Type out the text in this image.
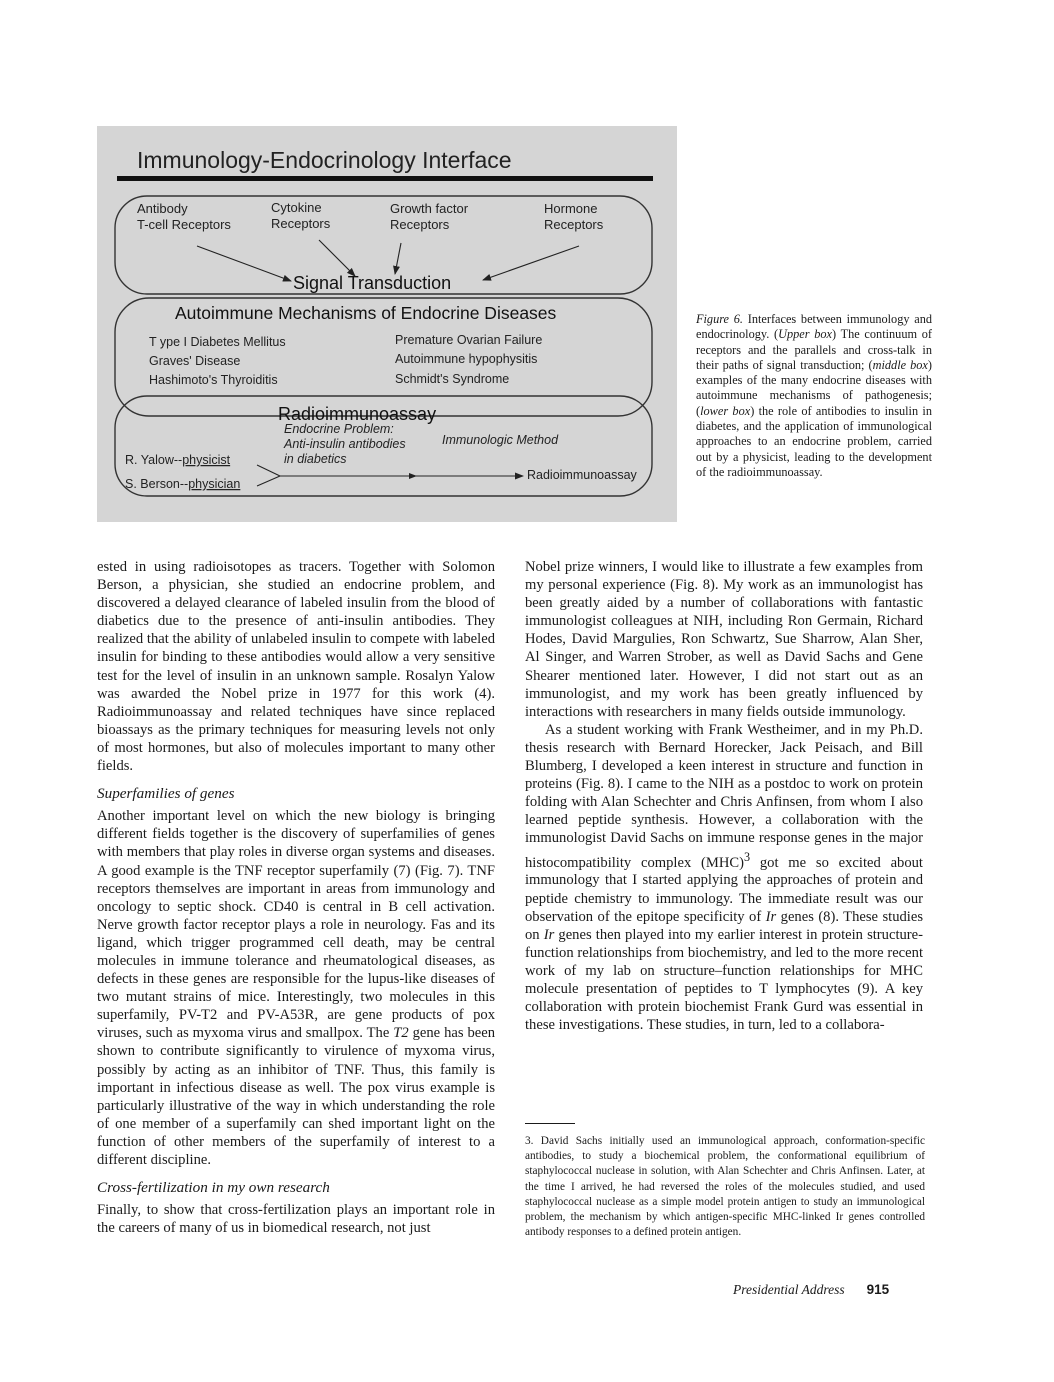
Immunology-Endocrinology Interface
Antibody
T-cell Receptors
Cytokine
Receptors
Growth factor
Receptors
Hormone
Receptors
Signal Transduction
Autoimmune Mechanisms of Endocrine Diseases
T ype I Diabetes Mellitus
Graves' Disease
Hashimoto's Thyroiditis
Premature Ovarian Failure
Autoimmune hypophysitis
Schmidt's Syndrome
Radioimmunoassay
Endocrine Problem:
Anti-insulin antibodies
in diabetics
Immunologic Method
R. Yalow--physicist
S. Berson--physician
Radioimmunoassay

Figure 6. Interfaces between immunology and endocrinology. (Upper box) The continuum of receptors and the parallels and cross-talk in their paths of signal transduction; (middle box) examples of the many endocrine diseases with autoimmune mechanisms of pathogenesis; (lower box) the role of antibodies to insulin in diabetes, and the application of immunological approaches to an endocrine problem, carried out by a physicist, leading to the development of the radioimmunoassay.

ested in using radioisotopes as tracers. Together with Solomon Berson, a physician, she studied an endocrine problem, and discovered a delayed clearance of labeled insulin from the blood of diabetics due to the presence of anti-insulin antibodies. They realized that the ability of unlabeled insulin to compete with labeled insulin for binding to these antibodies would allow a very sensitive test for the level of insulin in an unknown sample. Rosalyn Yalow was awarded the Nobel prize in 1977 for this work (4). Radioimmunoassay and related techniques have since replaced bioassays as the primary techniques for measuring levels not only of most hormones, but also of molecules important to many other fields.

Superfamilies of genes

Another important level on which the new biology is bringing different fields together is the discovery of superfamilies of genes with members that play roles in diverse organ systems and diseases. A good example is the TNF receptor superfamily (7) (Fig. 7). TNF receptors themselves are important in areas from immunology and oncology to septic shock. CD40 is central in B cell activation. Nerve growth factor receptor plays a role in neurology. Fas and its ligand, which trigger programmed cell death, may be central molecules in immune tolerance and rheumatological diseases, as defects in these genes are responsible for the lupus-like diseases of two mutant strains of mice. Interestingly, two molecules in this superfamily, PV-T2 and PV-A53R, are gene products of pox viruses, such as myxoma virus and smallpox. The T2 gene has been shown to contribute significantly to virulence of myxoma virus, possibly by acting as an inhibitor of TNF. Thus, this family is important in infectious disease as well. The pox virus example is particularly illustrative of the way in which understanding the role of one member of a superfamily can shed important light on the function of other members of the superfamily of interest to a different discipline.

Cross-fertilization in my own research

Finally, to show that cross-fertilization plays an important role in the careers of many of us in biomedical research, not just

Nobel prize winners, I would like to illustrate a few examples from my personal experience (Fig. 8). My work as an immunologist has been greatly aided by a number of collaborations with fantastic immunologist colleagues at NIH, including Ron Germain, Richard Hodes, David Margulies, Ron Schwartz, Sue Sharrow, Alan Sher, Al Singer, and Warren Strober, as well as David Sachs and Gene Shearer mentioned later. However, I did not start out as an immunologist, and my work has been greatly influenced by interactions with researchers in many fields outside immunology.

As a student working with Frank Westheimer, and in my Ph.D. thesis research with Bernard Horecker, Jack Peisach, and Bill Blumberg, I developed a keen interest in structure and function in proteins (Fig. 8). I came to the NIH as a postdoc to work on protein folding with Alan Schechter and Chris Anfinsen, from whom I also learned peptide synthesis. However, a collaboration with the immunologist David Sachs on immune response genes in the major histocompatibility complex (MHC)$^3$ got me so excited about immunology that I started applying the approaches of protein and peptide chemistry to immunology. The immediate result was our observation of the epitope specificity of Ir genes (8). These studies on Ir genes then played into my earlier interest in protein structure-function relationships from biochemistry, and led to the more recent work of my lab on structure–function relationships for MHC molecule presentation of peptides to T lymphocytes (9). A key collaboration with protein biochemist Frank Gurd was essential in these investigations. These studies, in turn, led to a collabora-

3. David Sachs initially used an immunological approach, conformation-specific antibodies, to study a biochemical problem, the conformational equilibrium of staphylococcal nuclease in solution, with Alan Schechter and Chris Anfinsen. Later, at the time I arrived, he had reversed the roles of the molecules studied, and used staphylococcal nuclease as a simple model protein antigen to study an immunological problem, the mechanism by which antigen-specific MHC-linked Ir genes controlled antibody responses to a defined protein antigen.

Presidential Address 915
